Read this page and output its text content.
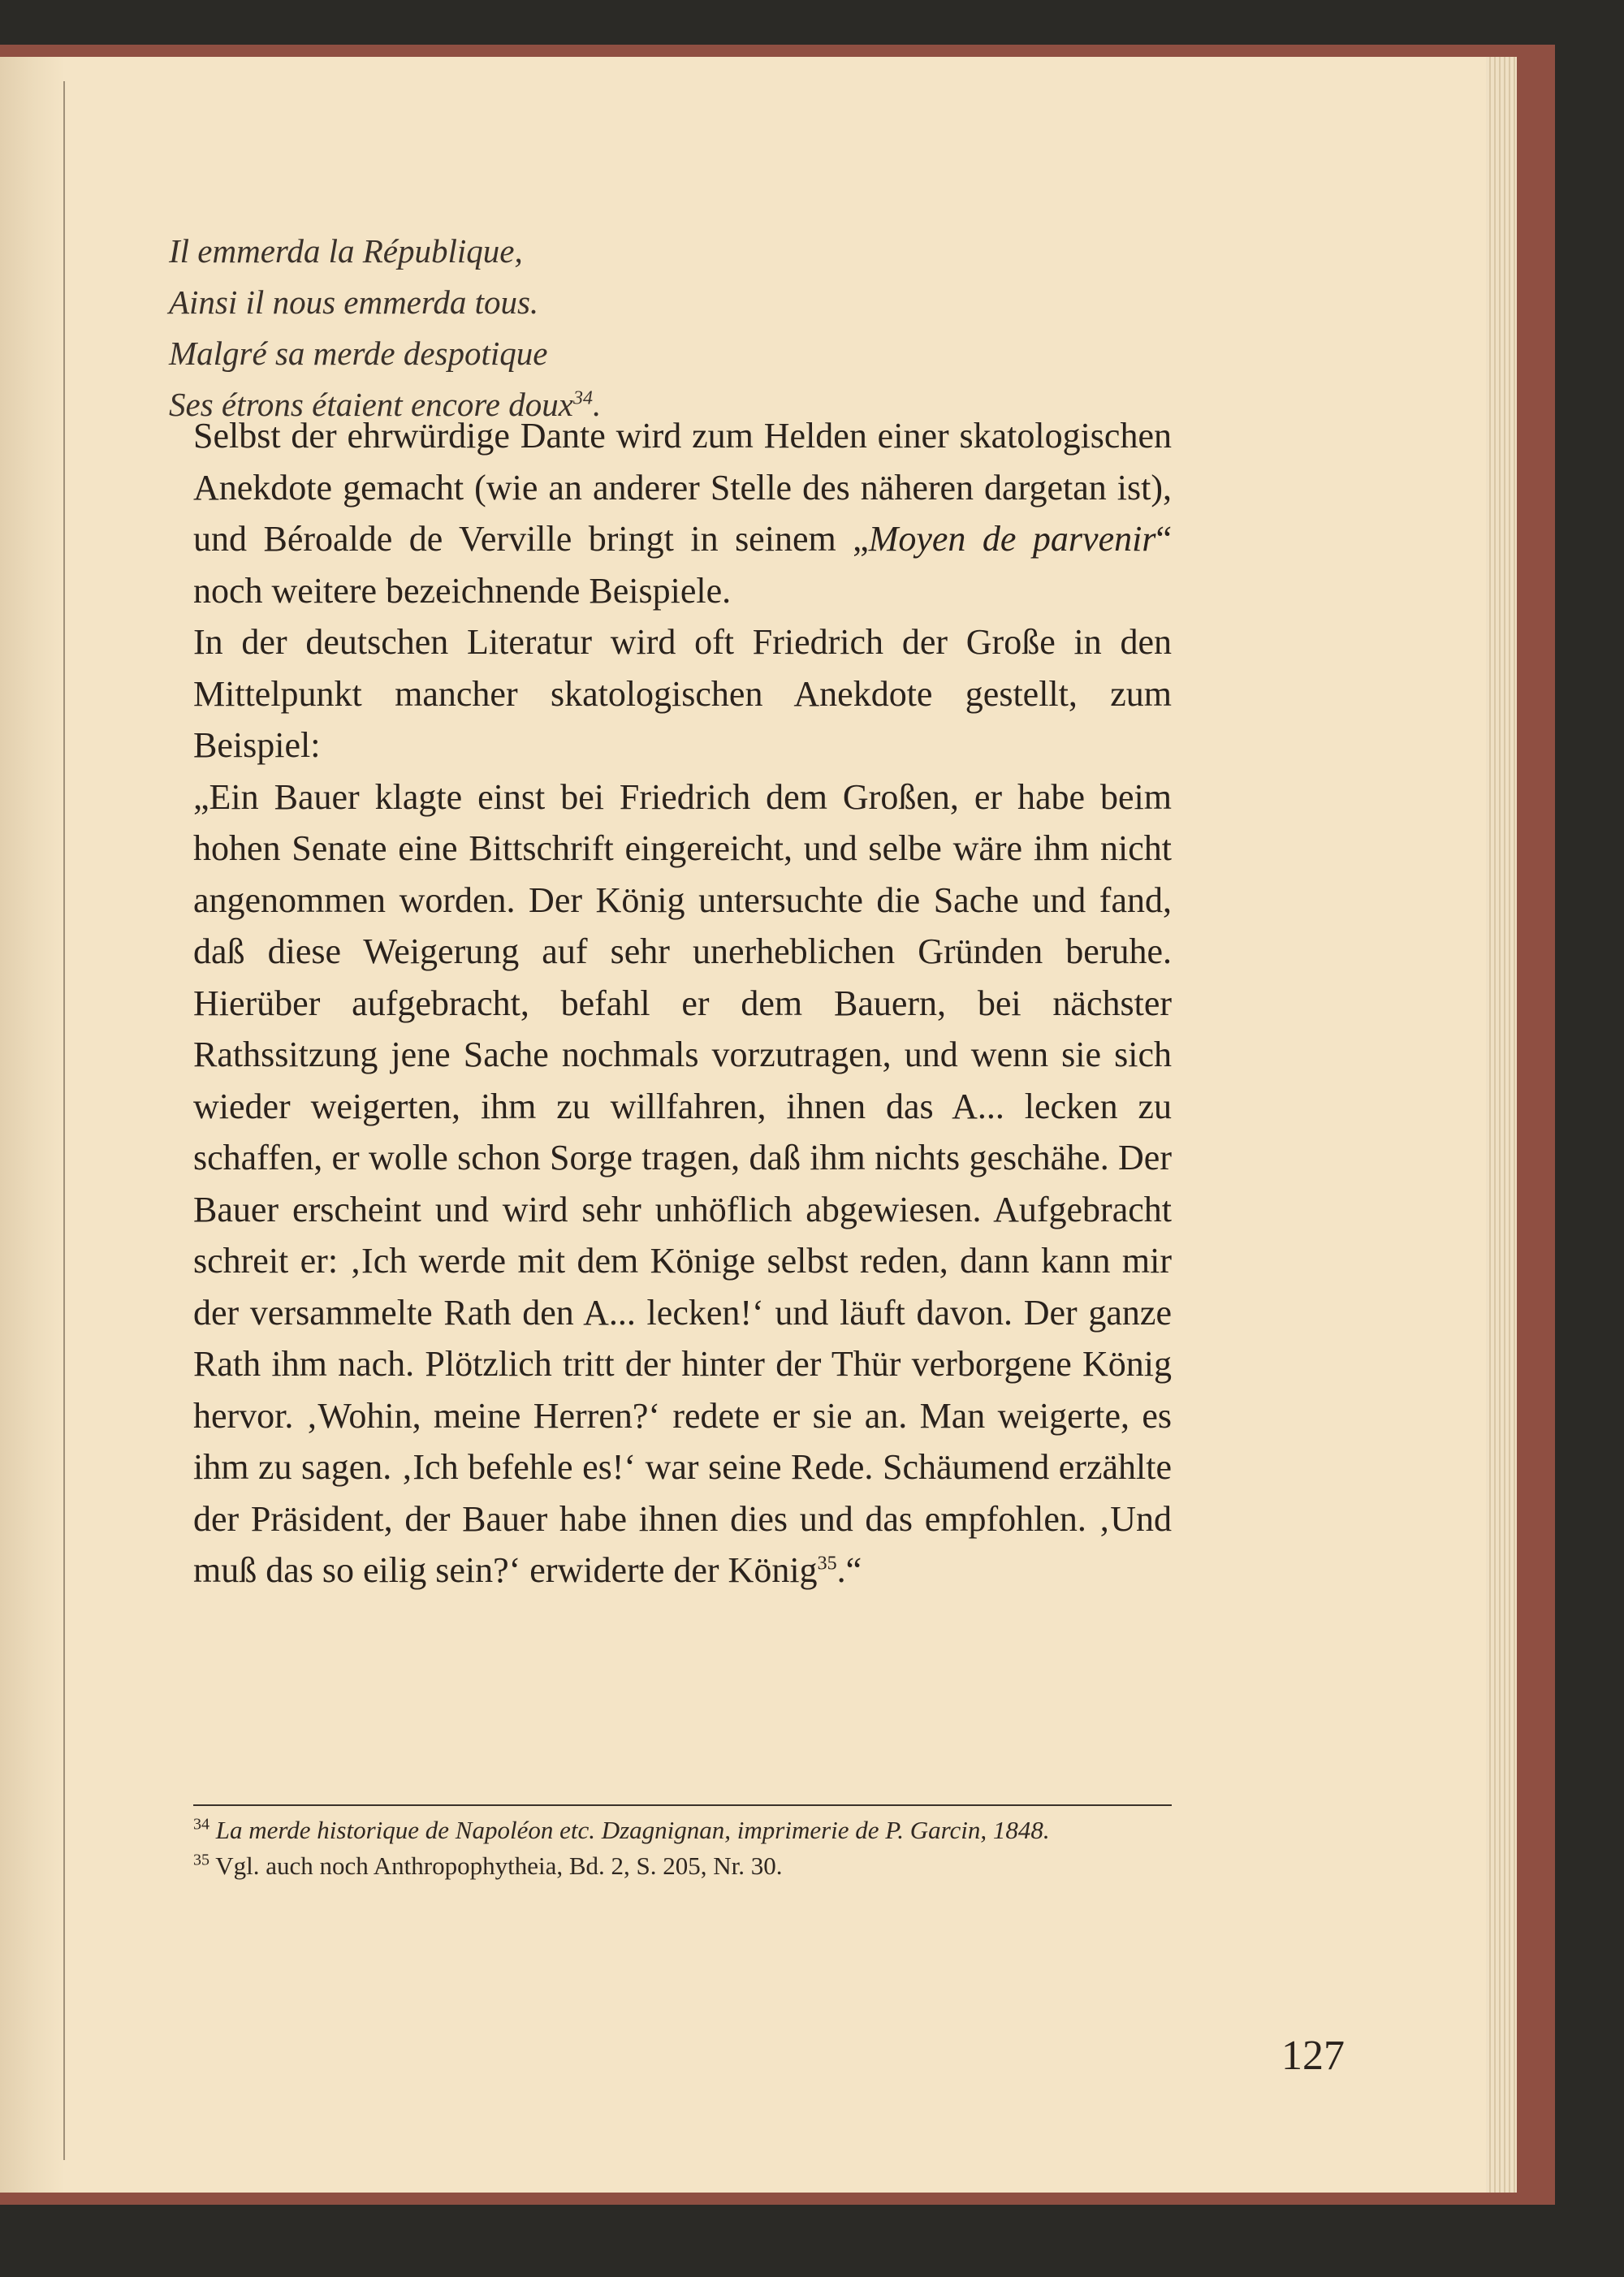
Il emmerda la République,
Ainsi il nous emmerda tous.
Malgré sa merde despotique
Ses étrons étaient encore doux$^{34}$.

Selbst der ehrwürdige Dante wird zum Helden einer skatologischen Anekdote gemacht (wie an anderer Stelle des näheren dargetan ist), und Béroalde de Verville bringt in seinem „Moyen de parvenir“ noch weitere bezeichnende Beispiele.

In der deutschen Literatur wird oft Friedrich der Große in den Mittelpunkt mancher skatologischen Anekdote gestellt, zum Beispiel:

„Ein Bauer klagte einst bei Friedrich dem Großen, er habe beim hohen Senate eine Bittschrift eingereicht, und selbe wäre ihm nicht angenommen worden. Der König untersuchte die Sache und fand, daß diese Weigerung auf sehr unerheblichen Gründen beruhe. Hierüber aufgebracht, befahl er dem Bauern, bei nächster Rathssitzung jene Sache nochmals vorzutragen, und wenn sie sich wieder weigerten, ihm zu willfahren, ihnen das A... lecken zu schaffen, er wolle schon Sorge tragen, daß ihm nichts geschähe. Der Bauer erscheint und wird sehr unhöflich abgewiesen. Aufgebracht schreit er: ‚Ich werde mit dem Könige selbst reden, dann kann mir der versammelte Rath den A... lecken!‘ und läuft davon. Der ganze Rath ihm nach. Plötzlich tritt der hinter der Thür verborgene König hervor. ‚Wohin, meine Herren?‘ redete er sie an. Man weigerte, es ihm zu sagen. ‚Ich befehle es!‘ war seine Rede. Schäumend erzählte der Präsident, der Bauer habe ihnen dies und das empfohlen. ‚Und muß das so eilig sein?‘ erwiderte der König$^{35}$.“

$^{34}$ La merde historique de Napoléon etc. Dzagnignan, imprimerie de P. Garcin, 1848.

$^{35}$ Vgl. auch noch Anthropophytheia, Bd. 2, S. 205, Nr. 30.

127
